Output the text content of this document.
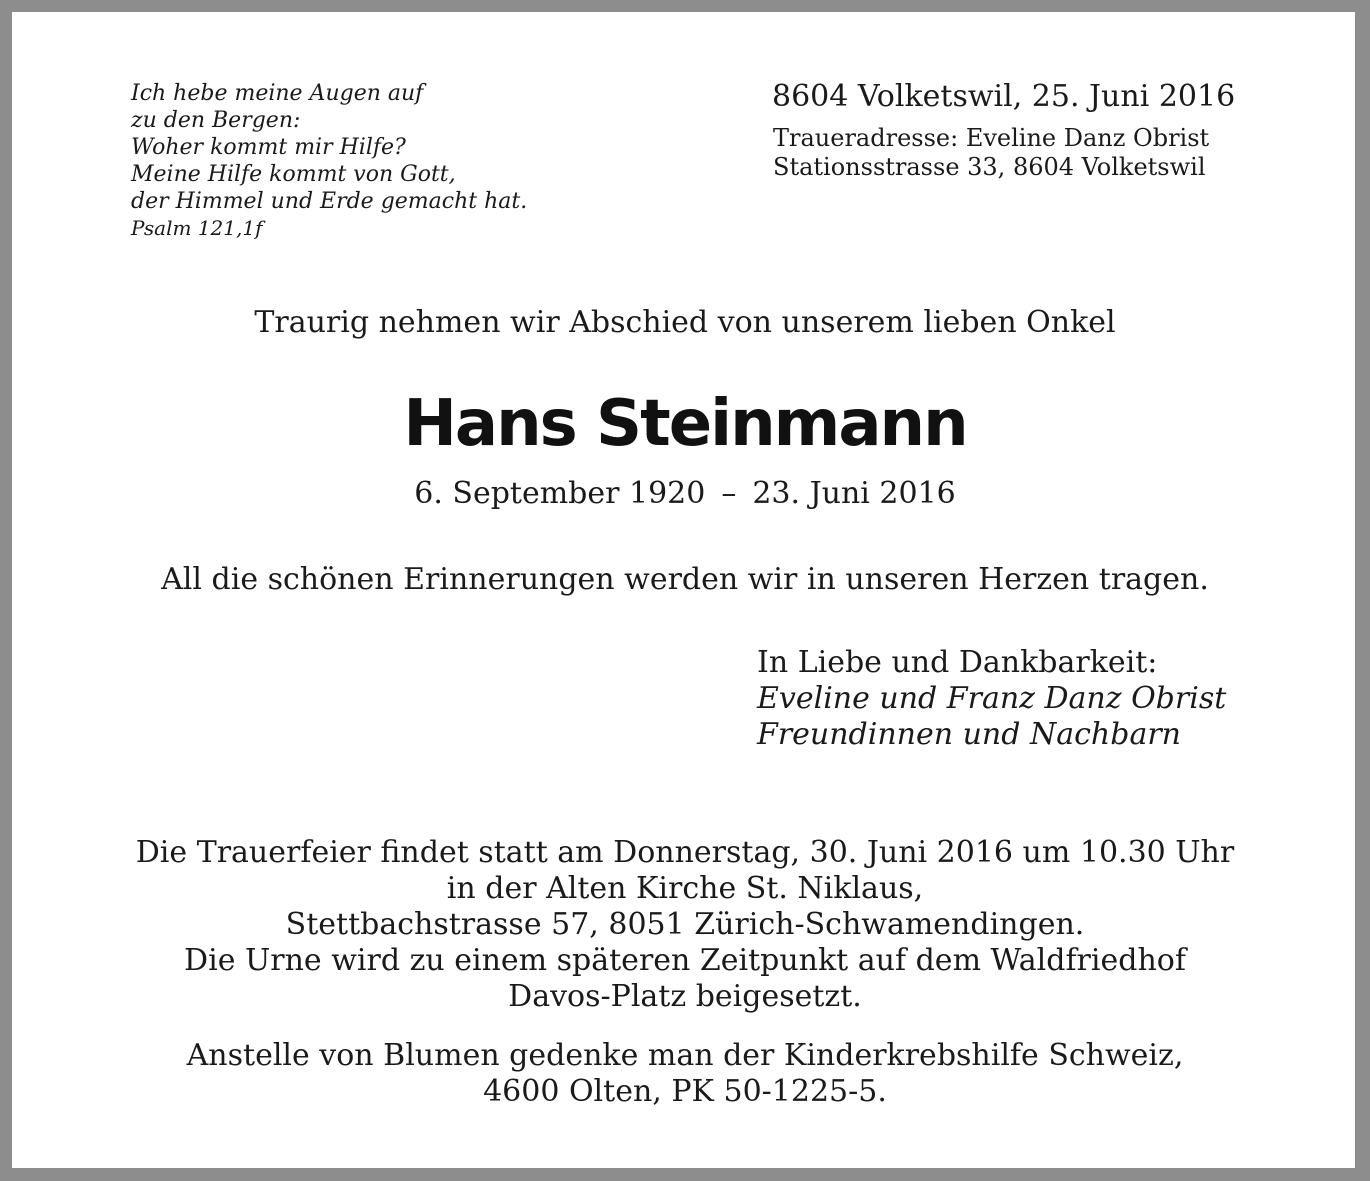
Ich hebe meine Augen auf
zu den Bergen:
Woher kommt mir Hilfe?
Meine Hilfe kommt von Gott,
der Himmel und Erde gemacht hat.
Psalm 121,1f
8604 Volketswil, 25. Juni 2016
Traueradresse: Eveline Danz Obrist
Stationsstrasse 33, 8604 Volketswil
Traurig nehmen wir Abschied von unserem lieben Onkel
Hans Steinmann
6. September 1920 – 23. Juni 2016
All die schönen Erinnerungen werden wir in unseren Herzen tragen.
In Liebe und Dankbarkeit:
Eveline und Franz Danz Obrist
Freundinnen und Nachbarn
Die Trauerfeier findet statt am Donnerstag, 30. Juni 2016 um 10.30 Uhr
in der Alten Kirche St. Niklaus,
Stettbachstrasse 57, 8051 Zürich-Schwamendingen.
Die Urne wird zu einem späteren Zeitpunkt auf dem Waldfriedhof
Davos-Platz beigesetzt.
Anstelle von Blumen gedenke man der Kinderkrebshilfe Schweiz,
4600 Olten, PK 50-1225-5.
